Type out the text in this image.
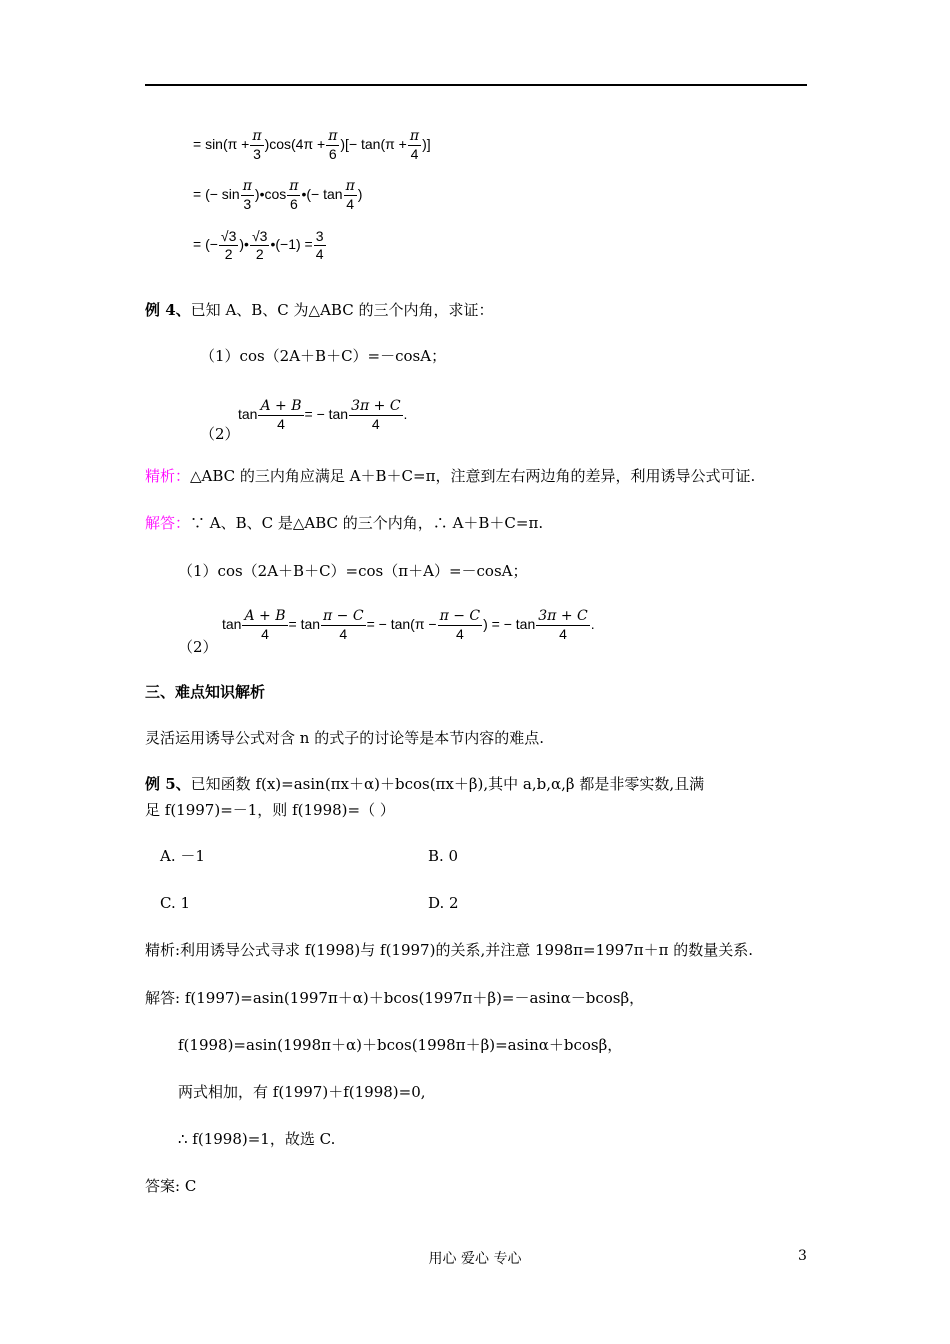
= $\sin(\pi + \frac{\pi}{3} )\cos(4\pi + \frac{\pi}{6}$ )[− $\tan(\pi + \frac{\pi}{4}$ )]
= (− $\sin \frac{\pi}{3}$ )•cos $\frac{\pi}{6}$ •(− $\tan \frac{\pi}{4}$ )
= (− $\frac{√3}{2}$ )• $\frac{√3}{2}$ •(−1) = $\frac{3}{4}$
例 4、已知 A、B、C 为△ABC 的三个内角，求证：
（1）cos（2A＋B＋C）=－cosA；
（2）
$\tan \frac{A + B}{4}$ = − $\tan \frac{3\pi + C}{4}$ .
精析：△ABC 的三内角应满足 A＋B＋C=π，注意到左右两边角的差异，利用诱导公式可证.
解答：∵ A、B、C 是△ABC 的三个内角，∴ A＋B＋C=π.
（1）cos（2A＋B＋C）=cos（π＋A）=－cosA；
（2）
$\tan \frac{A + B}{4} = \tan \frac{\pi - C}{4}$ = − $\tan(\pi - \frac{\pi - C}{4}$ ) = − $\tan \frac{3\pi + C}{4}$ .
三、难点知识解析
灵活运用诱导公式对含 n 的式子的讨论等是本节内容的难点.
例 5、已知函数 f(x)=asin(πx＋α)＋bcos(πx＋β),其中 a,b,α,β 都是非零实数,且满
足 f(1997)=－1，则 f(1998)=（ ）
A. －1	B. 0
C. 1	D. 2
精析:利用诱导公式寻求 f(1998)与 f(1997)的关系,并注意 1998π=1997π＋π 的数量关系.
解答: f(1997)=asin(1997π＋α)＋bcos(1997π＋β)=－asinα－bcosβ，
f(1998)=asin(1998π＋α)＋bcos(1998π＋β)=asinα＋bcosβ，
两式相加，有 f(1997)＋f(1998)=0,
∴ f(1998)=1，故选 C.
答案: C
用心 爱心 专心	3
